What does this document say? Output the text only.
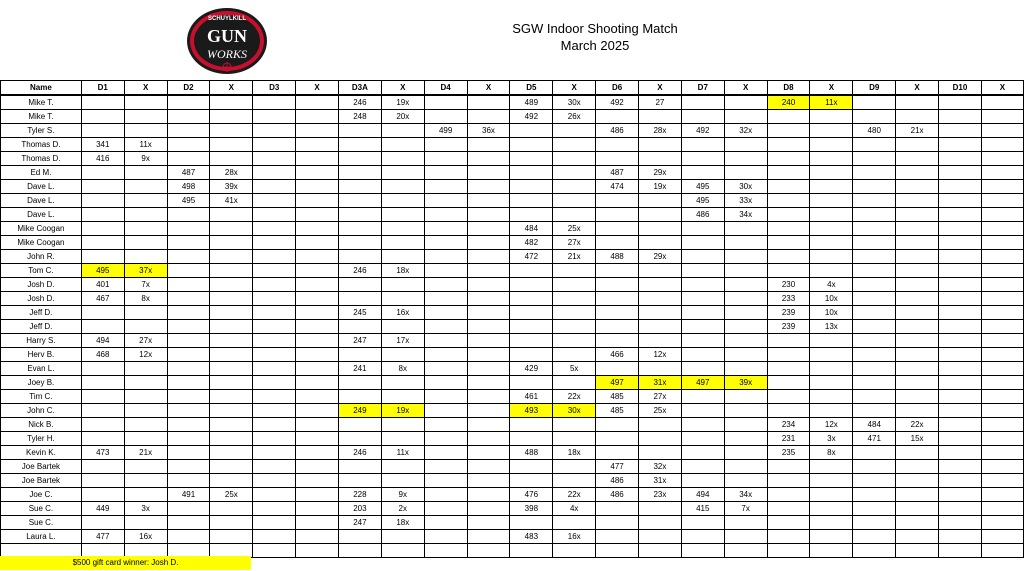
SCHUYLKILL
GUN
WORKS
SGW Indoor Shooting Match
March 2025
Name	D1	X	D2	X	D3	X	D3A	X	D4	X	D5	X	D6	X	D7	X	D8	X	D9	X	D10	X
Mike T.							246	19x			489	30x	492	27			240	11x				
Mike T.							248	20x			492	26x										
Tyler S.									499	36x			486	28x	492	32x			480	21x		
Thomas D.	341	11x																				
Thomas D.	416	9x																				
Ed M.			487	28x									487	29x								
Dave L.			498	39x									474	19x	495	30x						
Dave L.			495	41x											495	33x						
Dave L.															486	34x						
Mike Coogan											484	25x										
Mike Coogan											482	27x										
John R.											472	21x	488	29x								
Tom C.	495	37x					246	18x														
Josh D.	401	7x															230	4x				
Josh D.	467	8x															233	10x				
Jeff D.							245	16x									239	10x				
Jeff D.																	239	13x				
Harry S.	494	27x					247	17x														
Herv B.	468	12x											466	12x								
Evan L.							241	8x			429	5x										
Joey B.													497	31x	497	39x						
Tim C.											461	22x	485	27x								
John C.							249	19x			493	30x	485	25x								
Nick B.																	234	12x	484	22x		
Tyler H.																	231	3x	471	15x		
Kevin K.	473	21x					246	11x			488	18x					235	8x				
Joe Bartek													477	32x								
Joe Bartek													486	31x								
Joe C.			491	25x			228	9x			476	22x	486	23x	494	34x						
Sue C.	449	3x					203	2x			398	4x			415	7x						
Sue C.							247	18x														
Laura L.	477	16x									483	16x										

$500 gift card winner: Josh D.
